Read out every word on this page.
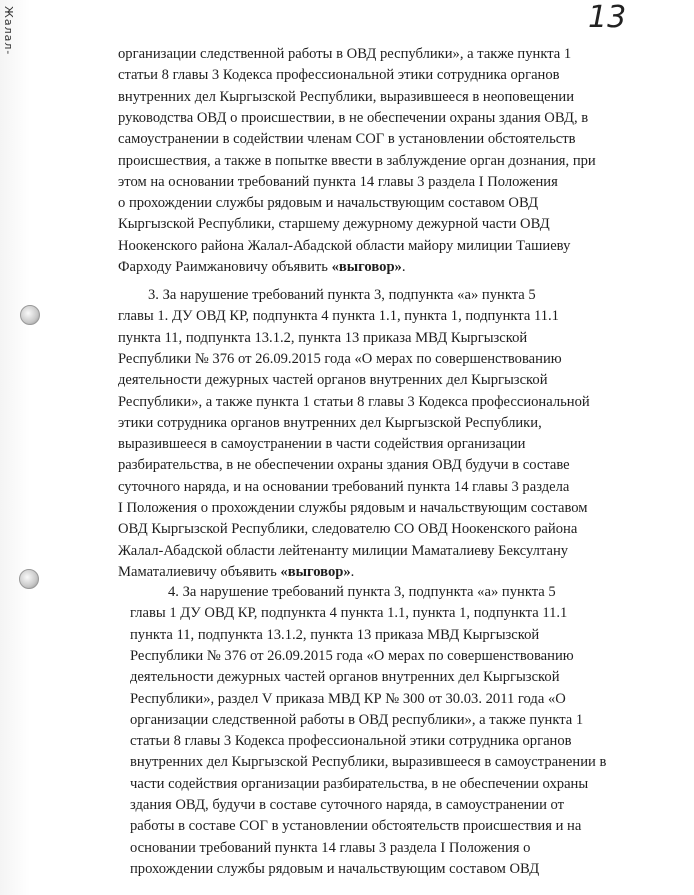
Жалал-	13
организации следственной работы в ОВД республики», а также пункта 1
статьи 8 главы 3 Кодекса профессиональной этики сотрудника органов
внутренних дел Кыргызской Республики, выразившееся в неоповещении
руководства ОВД о происшествии, в не обеспечении охраны здания ОВД, в
самоустранении в содействии членам СОГ в установлении обстоятельств
происшествия, а также в попытке ввести в заблуждение орган дознания, при
этом на основании требований пункта 14 главы 3 раздела I Положения
о прохождении службы рядовым и начальствующим составом ОВД
Кыргызской Республики, старшему дежурному дежурной части ОВД
Ноокенского района Жалал-Абадской области майору милиции Ташиеву
Фарходу Раимжановичу объявить «выговор».
3. За нарушение требований пункта 3, подпункта «а» пункта 5
главы 1. ДУ ОВД КР, подпункта 4 пункта 1.1, пункта 1, подпункта 11.1
пункта 11, подпункта 13.1.2, пункта 13 приказа МВД Кыргызской
Республики № 376 от 26.09.2015 года «О мерах по совершенствованию
деятельности дежурных частей органов внутренних дел Кыргызской
Республики», а также пункта 1 статьи 8 главы 3 Кодекса профессиональной
этики сотрудника органов внутренних дел Кыргызской Республики,
выразившееся в самоустранении в части содействия организации
разбирательства, в не обеспечении охраны здания ОВД будучи в составе
суточного наряда, и на основании требований пункта 14 главы 3 раздела
I Положения о прохождении службы рядовым и начальствующим составом
ОВД Кыргызской Республики, следователю СО ОВД Ноокенского района
Жалал-Абадской области лейтенанту милиции Маматалиеву Бексултану
Маматалиевичу объявить «выговор».
4. За нарушение требований пункта 3, подпункта «а» пункта 5
главы 1 ДУ ОВД КР, подпункта 4 пункта 1.1, пункта 1, подпункта 11.1
пункта 11, подпункта 13.1.2, пункта 13 приказа МВД Кыргызской
Республики № 376 от 26.09.2015 года «О мерах по совершенствованию
деятельности дежурных частей органов внутренних дел Кыргызской
Республики», раздел V приказа МВД КР № 300 от 30.03. 2011 года «О
организации следственной работы в ОВД республики», а также пункта 1
статьи 8 главы 3 Кодекса профессиональной этики сотрудника органов
внутренних дел Кыргызской Республики, выразившееся в самоустранении в
части содействия организации разбирательства, в не обеспечении охраны
здания ОВД, будучи в составе суточного наряда, в самоустранении от
работы в составе СОГ в установлении обстоятельств происшествия и на
основании требований пункта 14 главы 3 раздела I Положения о
прохождении службы рядовым и начальствующим составом ОВД
